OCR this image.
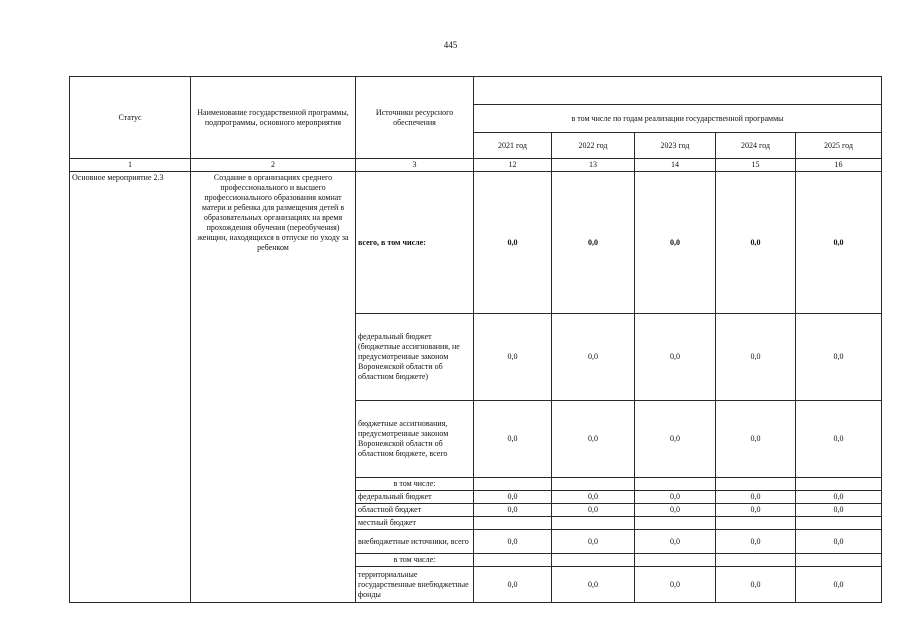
445
Статус	Наименование государственной программы, подпрограммы, основного мероприятия	Источники ресурсного обеспечения					
			в том числе по годам реализации государственной программы				
			2021 год	2022 год	2023 год	2024 год	2025 год
1	2	3	12	13	14	15	16
Основное мероприятие 2.3	Создание в организациях среднего профессионального и высшего профессионального образования комнат матери и ребенка для размещения детей в образовательных организациях на время прохождения обучения (переобучения) женщин, находящихся в отпуске по уходу за ребенком	всего, в том числе:	0,0	0,0	0,0	0,0	0,0
		федеральный бюджет (бюджетные ассигнования, не предусмотренные законом Воронежской области об областном бюджете)	0,0	0,0	0,0	0,0	0,0
		бюджетные ассигнования, предусмотренные законом Воронежской области об областном бюджете, всего	0,0	0,0	0,0	0,0	0,0
		в том числе:					
		федеральный бюджет	0,0	0,0	0,0	0,0	0,0
		областной бюджет	0,0	0,0	0,0	0,0	0,0
		местный бюджет					
		внебюджетные источники, всего	0,0	0,0	0,0	0,0	0,0
		в том числе:					
		территориальные государственные внебюджетные фонды	0,0	0,0	0,0	0,0	0,0
